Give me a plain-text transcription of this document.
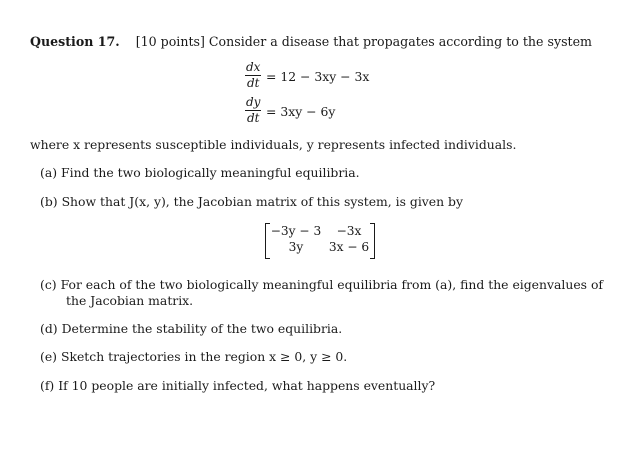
Question 17. [10 points] Consider a disease that propagates according to the system
dx
dt = 12 − 3xy − 3x
dy
dt = 3xy − 6y
where x represents susceptible individuals, y represents infected individuals.
(a) Find the two biologically meaningful equilibria.
(b) Show that J(x, y), the Jacobian matrix of this system, is given by
−3y − 3	−3x
3y	3x − 6
(c) For each of the two biologically meaningful equilibria from (a), find the eigenvalues of
the Jacobian matrix.
(d) Determine the stability of the two equilibria.
(e) Sketch trajectories in the region x ≥ 0, y ≥ 0.
(f) If 10 people are initially infected, what happens eventually?
